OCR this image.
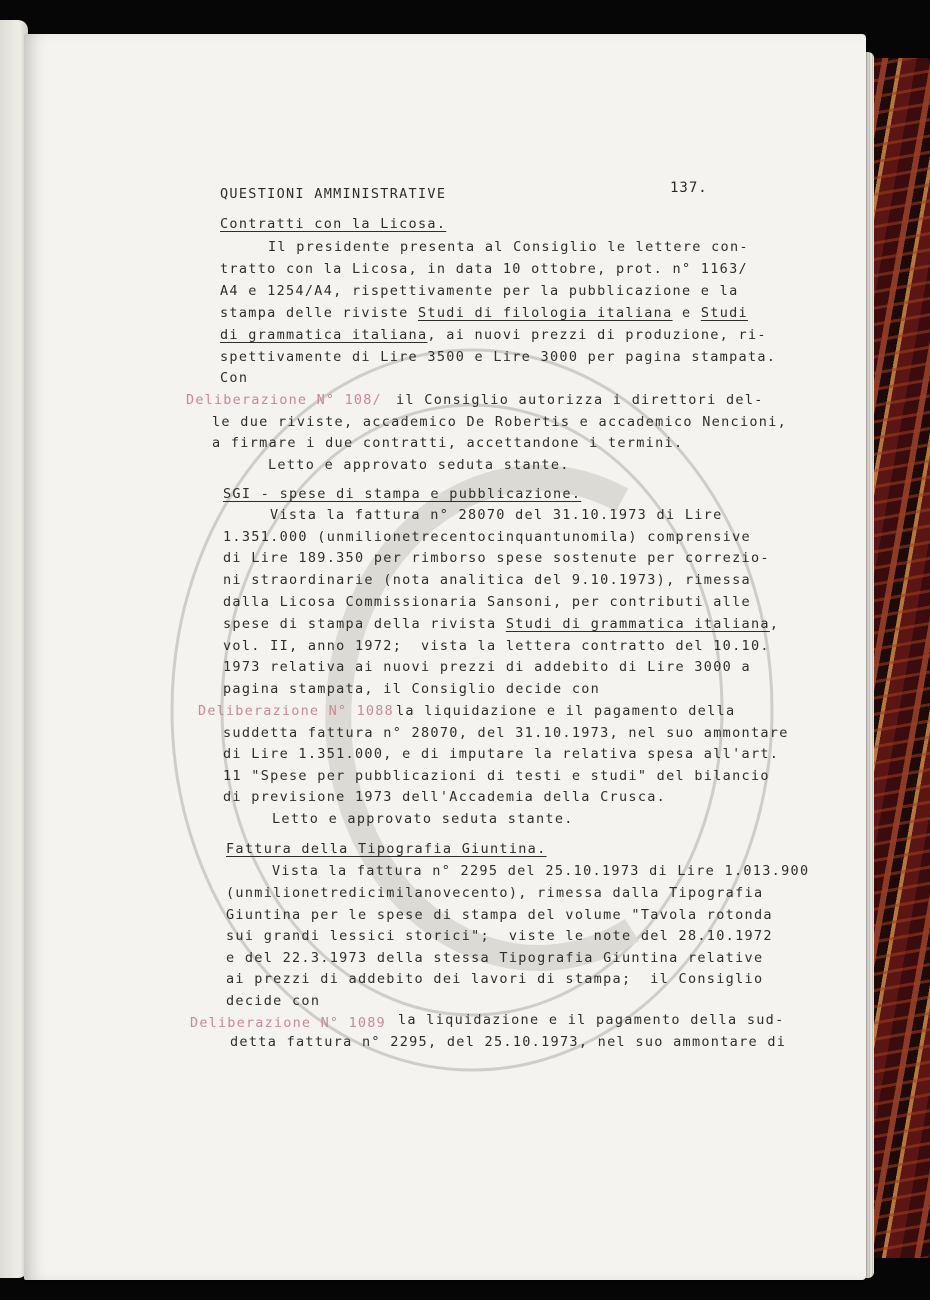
137.
QUESTIONI AMMINISTRATIVE
Contratti con la Licosa.
Il presidente presenta al Consiglio le lettere con-
tratto con la Licosa, in data 10 ottobre, prot. n° 1163/
A4 e 1254/A4, rispettivamente per la pubblicazione e la
stampa delle riviste Studi di filologia italiana e Studi
di grammatica italiana, ai nuovi prezzi di produzione, ri-
spettivamente di Lire 3500 e Lire 3000 per pagina stampata.
Con
Deliberazione N° 108/ il Consiglio autorizza i direttori del-
le due riviste, accademico De Robertis e accademico Nencioni,
a firmare i due contratti, accettandone i termini.
Letto e approvato seduta stante.
SGI - spese di stampa e pubblicazione.
Vista la fattura n° 28070 del 31.10.1973 di Lire
1.351.000 (unmilionetrecentocinquantunomila) comprensive
di Lire 189.350 per rimborso spese sostenute per correzio-
ni straordinarie (nota analitica del 9.10.1973), rimessa
dalla Licosa Commissionaria Sansoni, per contributi alle
spese di stampa della rivista Studi di grammatica italiana,
vol. II, anno 1972;  vista la lettera contratto del 10.10.
1973 relativa ai nuovi prezzi di addebito di Lire 3000 a
pagina stampata, il Consiglio decide con
Deliberazione N° 1088 la liquidazione e il pagamento della
suddetta fattura n° 28070, del 31.10.1973, nel suo ammontare
di Lire 1.351.000, e di imputare la relativa spesa all'art.
11 "Spese per pubblicazioni di testi e studi" del bilancio
di previsione 1973 dell'Accademia della Crusca.
Letto e approvato seduta stante.
Fattura della Tipografia Giuntina.
Vista la fattura n° 2295 del 25.10.1973 di Lire 1.013.900
(unmilionetredicimilanovecento), rimessa dalla Tipografia
Giuntina per le spese di stampa del volume "Tavola rotonda
sui grandi lessici storici";  viste le note del 28.10.1972
e del 22.3.1973 della stessa Tipografia Giuntina relative
ai prezzi di addebito dei lavori di stampa;  il Consiglio
decide con
Deliberazione N° 1089 la liquidazione e il pagamento della sud-
detta fattura n° 2295, del 25.10.1973, nel suo ammontare di
